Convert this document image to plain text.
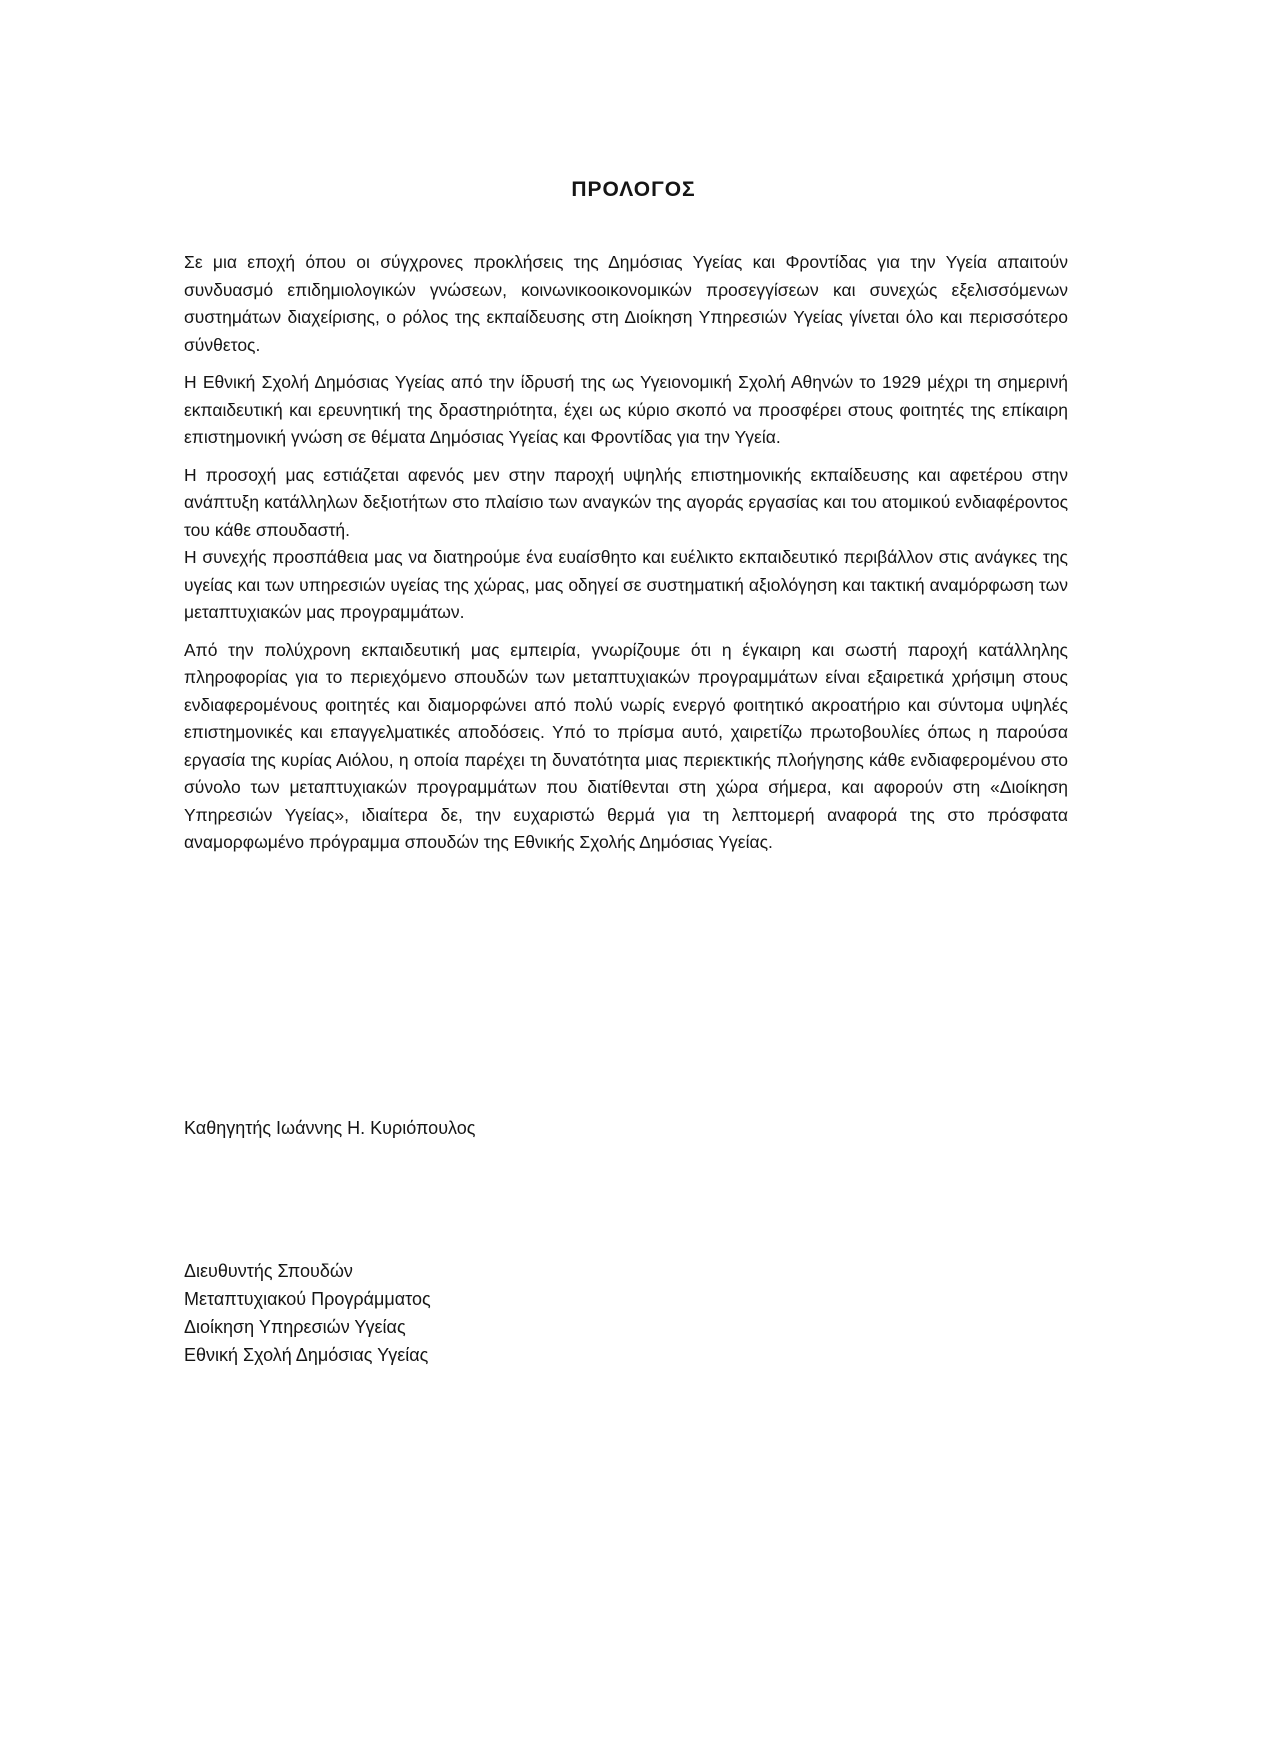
ΠΡΟΛΟΓΟΣ

Σε μια εποχή όπου οι σύγχρονες προκλήσεις της Δημόσιας Υγείας και Φροντίδας για την Υγεία απαιτούν συνδυασμό επιδημιολογικών γνώσεων, κοινωνικοοικονομικών προσεγγίσεων και συνεχώς εξελισσόμενων συστημάτων διαχείρισης, ο ρόλος της εκπαίδευσης στη Διοίκηση Υπηρεσιών Υγείας γίνεται όλο και περισσότερο σύνθετος.

Η Εθνική Σχολή Δημόσιας Υγείας από την ίδρυσή της ως Υγειονομική Σχολή Αθηνών το 1929 μέχρι τη σημερινή εκπαιδευτική και ερευνητική της δραστηριότητα, έχει ως κύριο σκοπό να προσφέρει στους φοιτητές της επίκαιρη επιστημονική γνώση σε θέματα Δημόσιας Υγείας και Φροντίδας για την Υγεία.

Η προσοχή μας εστιάζεται αφενός μεν στην παροχή υψηλής επιστημονικής εκπαίδευσης και αφετέρου στην ανάπτυξη κατάλληλων δεξιοτήτων στο πλαίσιο των αναγκών της αγοράς εργασίας και του ατομικού ενδιαφέροντος του κάθε σπουδαστή.

Η συνεχής προσπάθεια μας να διατηρούμε ένα ευαίσθητο και ευέλικτο εκπαιδευτικό περιβάλλον στις ανάγκες της υγείας και των υπηρεσιών υγείας της χώρας, μας οδηγεί σε συστηματική αξιολόγηση και τακτική αναμόρφωση των μεταπτυχιακών μας προγραμμάτων.

Από την πολύχρονη εκπαιδευτική μας εμπειρία, γνωρίζουμε ότι η έγκαιρη και σωστή παροχή κατάλληλης πληροφορίας για το περιεχόμενο σπουδών των μεταπτυχιακών προγραμμάτων είναι εξαιρετικά χρήσιμη στους ενδιαφερομένους φοιτητές και διαμορφώνει από πολύ νωρίς ενεργό φοιτητικό ακροατήριο και σύντομα υψηλές επιστημονικές και επαγγελματικές αποδόσεις. Υπό το πρίσμα αυτό, χαιρετίζω πρωτοβουλίες όπως η παρούσα εργασία της κυρίας Αιόλου, η οποία παρέχει τη δυνατότητα μιας περιεκτικής πλοήγησης κάθε ενδιαφερομένου στο σύνολο των μεταπτυχιακών προγραμμάτων που διατίθενται στη χώρα σήμερα, και αφορούν στη «Διοίκηση Υπηρεσιών Υγείας», ιδιαίτερα δε, την ευχαριστώ θερμά για τη λεπτομερή αναφορά της στο πρόσφατα αναμορφωμένο πρόγραμμα σπουδών της Εθνικής Σχολής Δημόσιας Υγείας.

Καθηγητής Ιωάννης Η. Κυριόπουλος
Διευθυντής Σπουδών
Μεταπτυχιακού Προγράμματος
Διοίκηση Υπηρεσιών Υγείας
Εθνική Σχολή Δημόσιας Υγείας
